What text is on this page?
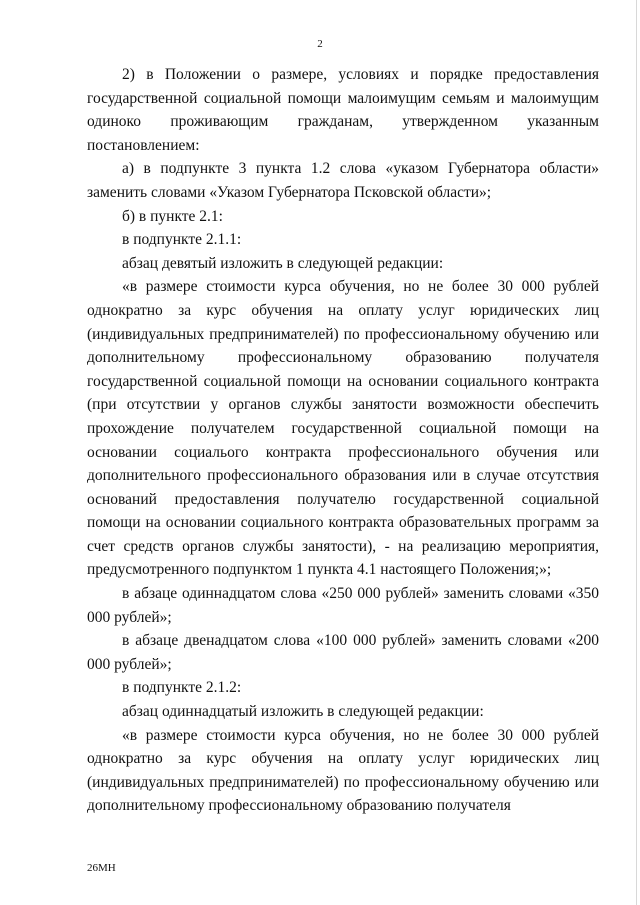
2

2) в Положении о размере, условиях и порядке предоставления государственной социальной помощи малоимущим семьям и малоимущим одиноко проживающим гражданам, утвержденном указанным постановлением:

а) в подпункте 3 пункта 1.2 слова «указом Губернатора области» заменить словами «Указом Губернатора Псковской области»;

б) в пункте 2.1:

в подпункте 2.1.1:

абзац девятый изложить в следующей редакции:

«в размере стоимости курса обучения, но не более 30 000 рублей однократно за курс обучения на оплату услуг юридических лиц (индивидуальных предпринимателей) по профессиональному обучению или дополнительному профессиональному образованию получателя государственной социальной помощи на основании социального контракта (при отсутствии у органов службы занятости возможности обеспечить прохождение получателем государственной социальной помощи на основании социалього контракта профессионального обучения или дополнительного профессионального образования или в случае отсутствия оснований предоставления получателю государственной социальной помощи на основании социального контракта образовательных программ за счет средств органов службы занятости), - на реализацию мероприятия, предусмотренного подпунктом 1 пункта 4.1 настоящего Положения;»;

в абзаце одиннадцатом слова «250 000 рублей» заменить словами «350 000 рублей»;

в абзаце двенадцатом слова «100 000 рублей» заменить словами «200 000 рублей»;

в подпункте 2.1.2:

абзац одиннадцатый изложить в следующей редакции:

«в размере стоимости курса обучения, но не более 30 000 рублей однократно за курс обучения на оплату услуг юридических лиц (индивидуальных предпринимателей) по профессиональному обучению или дополнительному профессиональному образованию получателя

26МН
